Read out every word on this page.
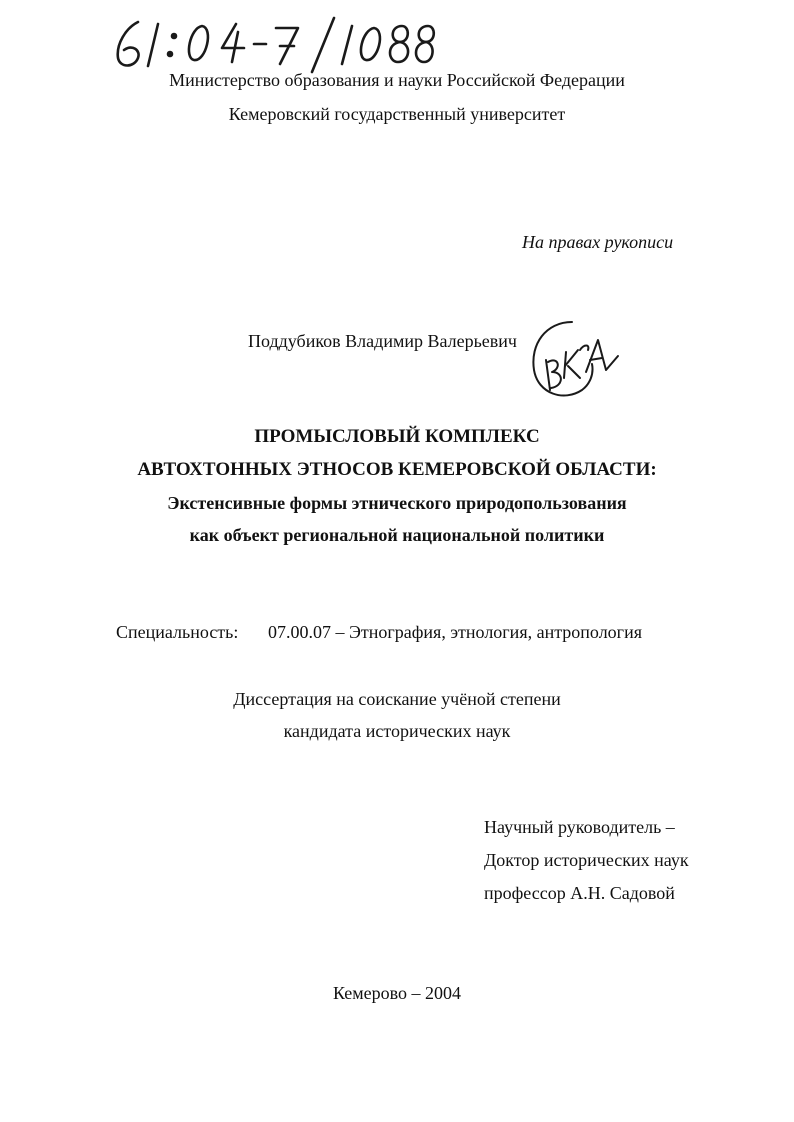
Министерство образования и науки Российской Федерации
Кемеровский государственный университет
На правах рукописи
Поддубиков Владимир Валерьевич
ПРОМЫСЛОВЫЙ КОМПЛЕКС
АВТОХТОННЫХ ЭТНОСОВ КЕМЕРОВСКОЙ ОБЛАСТИ:
Экстенсивные формы этнического природопользования
как объект региональной национальной политики
Специальность: 07.00.07 – Этнография, этнология, антропология
Диссертация на соискание учёной степени
кандидата исторических наук
Научный руководитель –
Доктор исторических наук
профессор А.Н. Садовой
Кемерово – 2004
